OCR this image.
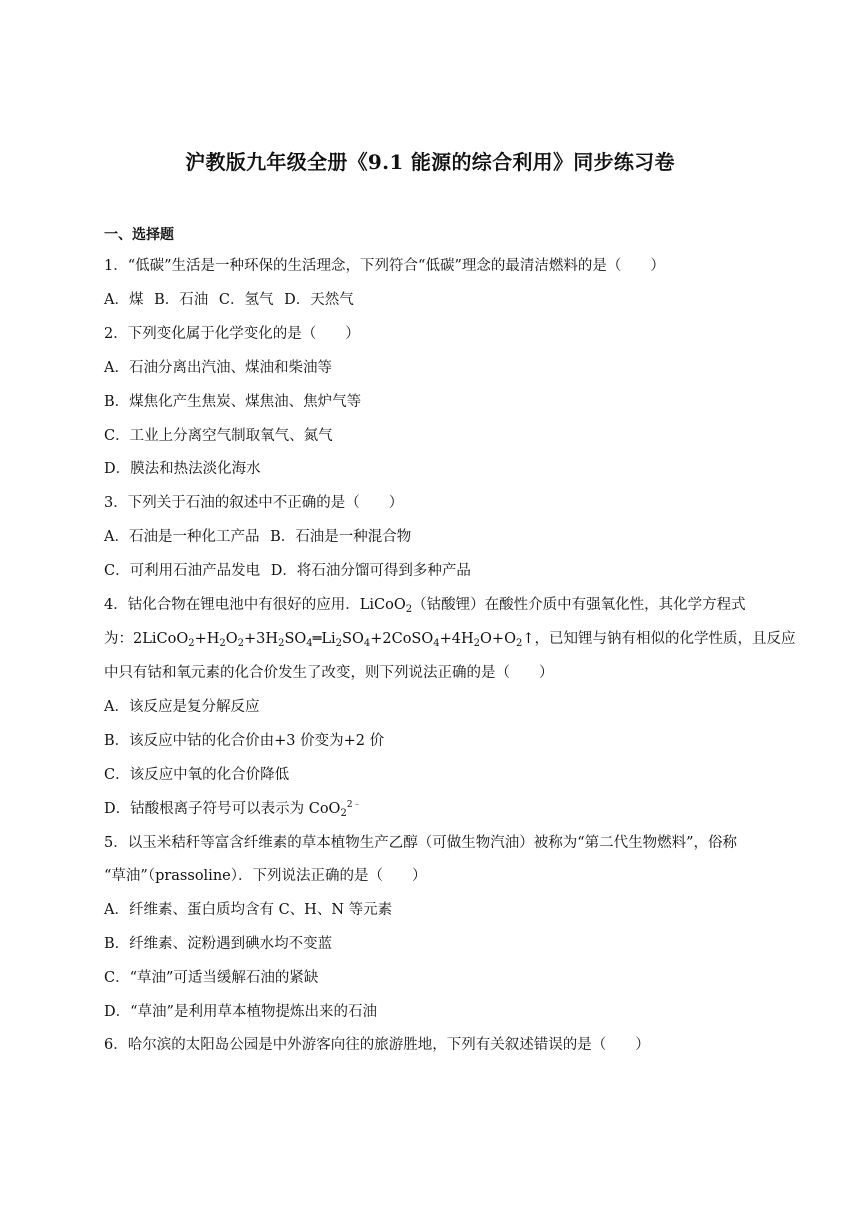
沪教版九年级全册《9.1 能源的综合利用》同步练习卷
一、选择题
1．“低碳”生活是一种环保的生活理念，下列符合“低碳”理念的最清洁燃料的是（　　）
A．煤 B．石油 C．氢气 D．天然气
2．下列变化属于化学变化的是（　　）
A．石油分离出汽油、煤油和柴油等
B．煤焦化产生焦炭、煤焦油、焦炉气等
C．工业上分离空气制取氧气、氮气
D．膜法和热法淡化海水
3．下列关于石油的叙述中不正确的是（　　）
A．石油是一种化工产品 B．石油是一种混合物
C．可利用石油产品发电 D．将石油分馏可得到多种产品
4．钴化合物在锂电池中有很好的应用．LiCoO$_2$（钴酸锂）在酸性介质中有强氧化性，其化学方程式
为：$2LiCoO_2+H_2O_2+3H_2SO_4═Li_2SO_4+2CoSO_4+4H_2O+O_2↑$，已知锂与钠有相似的化学性质，且反应
中只有钴和氧元素的化合价发生了改变，则下列说法正确的是（　　）
A．该反应是复分解反应
B．该反应中钴的化合价由+3 价变为+2 价
C．该反应中氧的化合价降低
D．钴酸根离子符号可以表示为 CoO$_2^{2﹣}$
5．以玉米秸秆等富含纤维素的草本植物生产乙醇（可做生物汽油）被称为“第二代生物燃料”，俗称
“草油”（prassoline）．下列说法正确的是（　　）
A．纤维素、蛋白质均含有 C、H、N 等元素
B．纤维素、淀粉遇到碘水均不变蓝
C．“草油”可适当缓解石油的紧缺
D．“草油”是利用草本植物提炼出来的石油
6．哈尔滨的太阳岛公园是中外游客向往的旅游胜地，下列有关叙述错误的是（　　）
